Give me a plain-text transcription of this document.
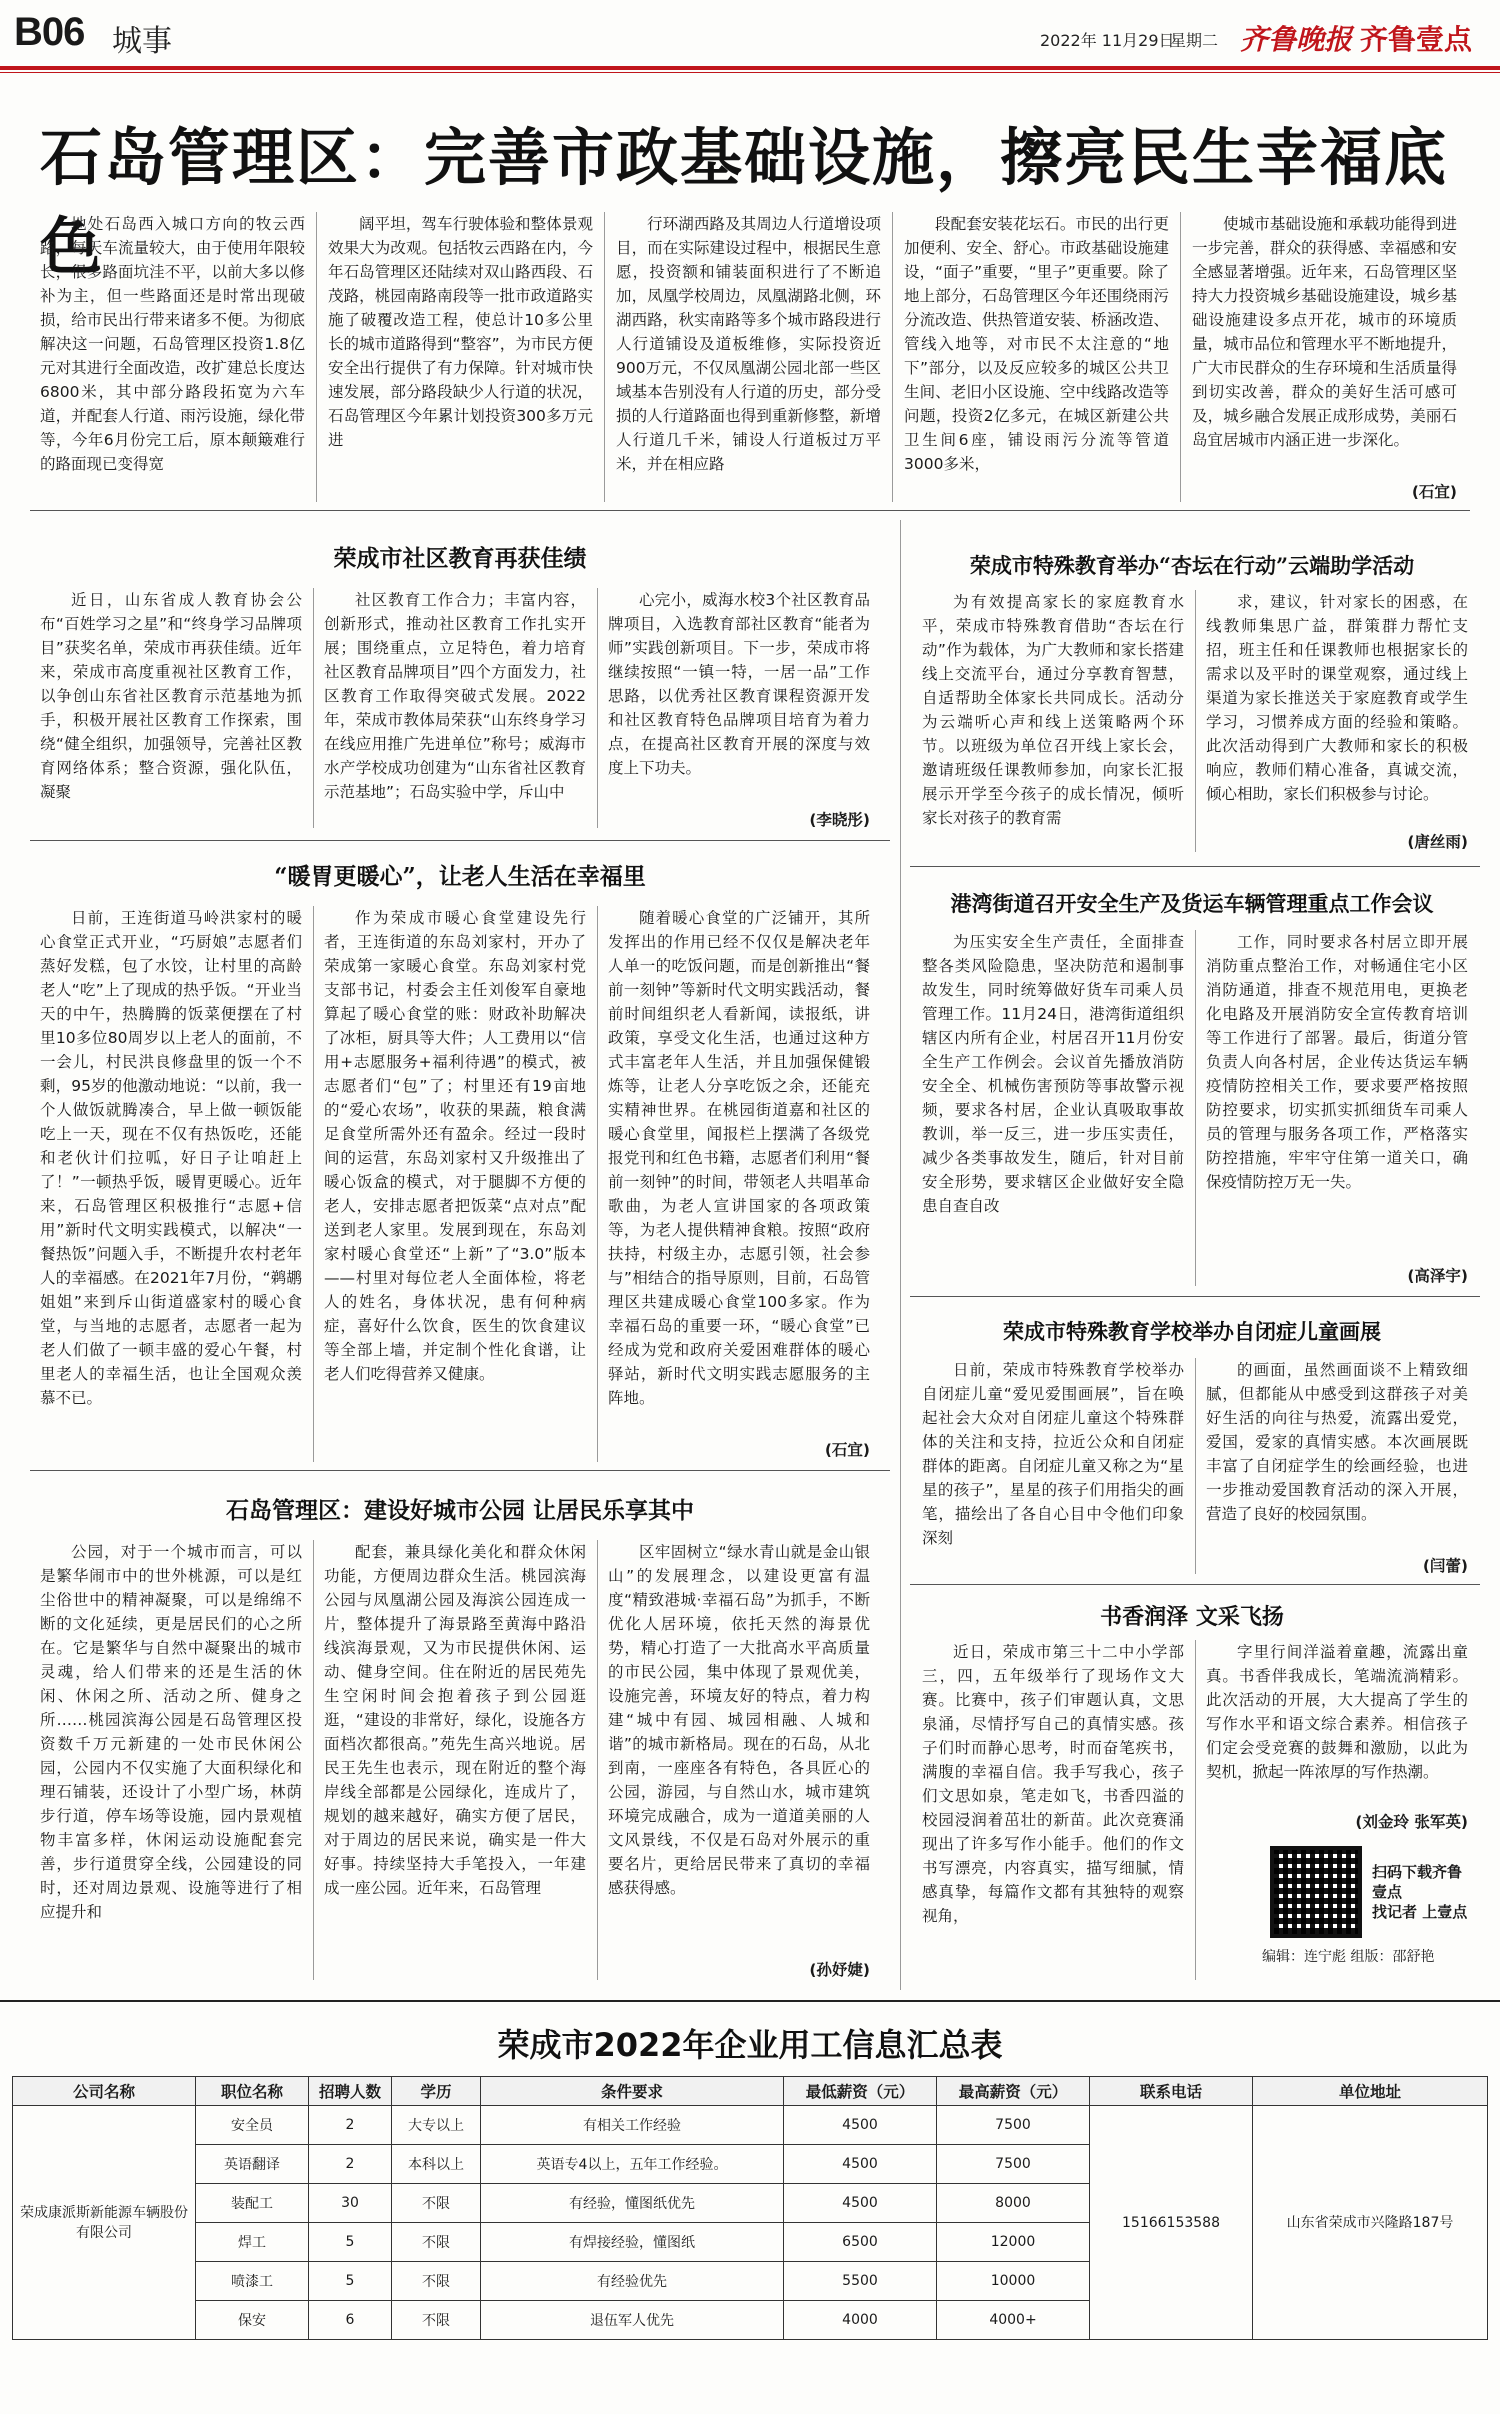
B06 城事	2022年 11月29日
星期二 齐鲁晚报 齐鲁壹点
石岛管理区：完善市政基础设施，擦亮民生幸福底色

地处石岛西入城口方向的牧云西路，每天车流量较大，由于使用年限较长，很多路面坑洼不平，以前大多以修补为主，但一些路面还是时常出现破损，给市民出行带来诸多不便。为彻底解决这一问题，石岛管理区投资1.8亿元对其进行全面改造，改扩建总长度达6800米，其中部分路段拓宽为六车道，并配套人行道、雨污设施，绿化带等，今年6月份完工后，原本颠簸难行的路面现已变得宽

阔平坦，驾车行驶体验和整体景观效果大为改观。包括牧云西路在内，今年石岛管理区还陆续对双山路西段、石茂路，桃园南路南段等一批市政道路实施了破覆改造工程，使总计10多公里长的城市道路得到“整容”，为市民方便安全出行提供了有力保障。针对城市快速发展，部分路段缺少人行道的状况，石岛管理区今年累计划投资300多万元进

行环湖西路及其周边人行道增设项目，而在实际建设过程中，根据民生意愿，投资额和铺装面积进行了不断追加，凤凰学校周边，凤凰湖路北侧，环湖西路，秋实南路等多个城市路段进行人行道铺设及道板维修，实际投资近900万元，不仅凤凰湖公园北部一些区域基本告别没有人行道的历史，部分受损的人行道路面也得到重新修整，新增人行道几千米，铺设人行道板过万平米，并在相应路

段配套安装花坛石。市民的出行更加便利、安全、舒心。市政基础设施建设，“面子”重要，“里子”更重要。除了地上部分，石岛管理区今年还围绕雨污分流改造、供热管道安装、桥涵改造、管线入地等，对市民不太注意的“地下”部分，以及反应较多的城区公共卫生间、老旧小区设施、空中线路改造等问题，投资2亿多元，在城区新建公共卫生间6座，铺设雨污分流等管道3000多米，

使城市基础设施和承载功能得到进一步完善，群众的获得感、幸福感和安全感显著增强。近年来，石岛管理区坚持大力投资城乡基础设施建设，城乡基础设施建设多点开花，城市的环境质量，城市品位和管理水平不断地提升，广大市民群众的生存环境和生活质量得到切实改善，群众的美好生活可感可及，城乡融合发展正成形成势，美丽石岛宜居城市内涵正进一步深化。

(石宜)
荣成市社区教育再获佳绩

近日，山东省成人教育协会公布“百姓学习之星”和“终身学习品牌项目”获奖名单，荣成市再获佳绩。近年来，荣成市高度重视社区教育工作，以争创山东省社区教育示范基地为抓手，积极开展社区教育工作探索，围绕“健全组织，加强领导，完善社区教育网络体系；整合资源，强化队伍，凝聚

社区教育工作合力；丰富内容，创新形式，推动社区教育工作扎实开展；围绕重点，立足特色，着力培育社区教育品牌项目”四个方面发力，社区教育工作取得突破式发展。2022年，荣成市教体局荣获“山东终身学习在线应用推广先进单位”称号；威海市水产学校成功创建为“山东省社区教育示范基地”；石岛实验中学，斥山中

心完小，威海水校3个社区教育品牌项目，入选教育部社区教育“能者为师”实践创新项目。下一步，荣成市将继续按照“一镇一特，一居一品”工作思路，以优秀社区教育课程资源开发和社区教育特色品牌项目培育为着力点，在提高社区教育开展的深度与效度上下功夫。

(李晓彤)
“暖胃更暖心”，让老人生活在幸福里

日前，王连街道马岭洪家村的暖心食堂正式开业，“巧厨娘”志愿者们蒸好发糕，包了水饺，让村里的高龄老人“吃”上了现成的热乎饭。“开业当天的中午，热腾腾的饭菜便摆在了村里10多位80周岁以上老人的面前，不一会儿，村民洪良修盘里的饭一个不剩，95岁的他激动地说：“以前，我一个人做饭就腾凑合，早上做一顿饭能吃上一天，现在不仅有热饭吃，还能和老伙计们拉呱，好日子让咱赶上了！”一顿热乎饭，暖胃更暖心。近年来，石岛管理区积极推行“志愿+信用”新时代文明实践模式，以解决“一餐热饭”问题入手，不断提升农村老年人的幸福感。在2021年7月份，“鹈鹕姐姐”来到斥山街道盛家村的暖心食堂，与当地的志愿者，志愿者一起为老人们做了一顿丰盛的爱心午餐，村里老人的幸福生活，也让全国观众羡慕不已。

作为荣成市暖心食堂建设先行者，王连街道的东岛刘家村，开办了荣成第一家暖心食堂。东岛刘家村党支部书记，村委会主任刘俊军自豪地算起了暖心食堂的账：财政补助解决了冰柜，厨具等大件；人工费用以“信用+志愿服务+福利待遇”的模式，被志愿者们“包”了；村里还有19亩地的“爱心农场”，收获的果蔬，粮食满足食堂所需外还有盈余。经过一段时间的运营，东岛刘家村又升级推出了暖心饭盒的模式，对于腿脚不方便的老人，安排志愿者把饭菜“点对点”配送到老人家里。发展到现在，东岛刘家村暖心食堂还“上新”了“3.0”版本——村里对每位老人全面体检，将老人的姓名，身体状况，患有何种病症，喜好什么饮食，医生的饮食建议等全部上墙，并定制个性化食谱，让老人们吃得营养又健康。

随着暖心食堂的广泛铺开，其所发挥出的作用已经不仅仅是解决老年人单一的吃饭问题，而是创新推出“餐前一刻钟”等新时代文明实践活动，餐前时间组织老人看新闻，读报纸，讲政策，享受文化生活，也通过这种方式丰富老年人生活，并且加强保健锻炼等，让老人分享吃饭之余，还能充实精神世界。在桃园街道嘉和社区的暖心食堂里，闻报栏上摆满了各级党报党刊和红色书籍，志愿者们利用“餐前一刻钟”的时间，带领老人共唱革命歌曲，为老人宣讲国家的各项政策等，为老人提供精神食粮。按照“政府扶持，村级主办，志愿引领，社会参与”相结合的指导原则，目前，石岛管理区共建成暖心食堂100多家。作为幸福石岛的重要一环，“暖心食堂”已经成为党和政府关爱困难群体的暖心驿站，新时代文明实践志愿服务的主阵地。

(石宜)
石岛管理区：建设好城市公园 让居民乐享其中

公园，对于一个城市而言，可以是繁华闹市中的世外桃源，可以是红尘俗世中的精神凝聚，可以是绵绵不断的文化延续，更是居民们的心之所在。它是繁华与自然中凝聚出的城市灵魂，给人们带来的还是生活的休闲、休闲之所、活动之所、健身之所……桃园滨海公园是石岛管理区投资数千万元新建的一处市民休闲公园，公园内不仅实施了大面积绿化和理石铺装，还设计了小型广场，林荫步行道，停车场等设施，园内景观植物丰富多样，休闲运动设施配套完善，步行道贯穿全线，公园建设的同时，还对周边景观、设施等进行了相应提升和

配套，兼具绿化美化和群众休闲功能，方便周边群众生活。桃园滨海公园与凤凰湖公园及海滨公园连成一片，整体提升了海景路至黄海中路沿线滨海景观，又为市民提供休闲、运动、健身空间。住在附近的居民苑先生空闲时间会抱着孩子到公园逛逛，“建设的非常好，绿化，设施各方面档次都很高。”苑先生高兴地说。居民王先生也表示，现在附近的整个海岸线全部都是公园绿化，连成片了，规划的越来越好，确实方便了居民，对于周边的居民来说，确实是一件大好事。持续坚持大手笔投入，一年建成一座公园。近年来，石岛管理

区牢固树立“绿水青山就是金山银山”的发展理念，以建设更富有温度“精致港城·幸福石岛”为抓手，不断优化人居环境，依托天然的海景优势，精心打造了一大批高水平高质量的市民公园，集中体现了景观优美，设施完善，环境友好的特点，着力构建“城中有园、城园相融、人城和谐”的城市新格局。现在的石岛，从北到南，一座座各有特色，各具匠心的公园，游园，与自然山水，城市建筑环境完成融合，成为一道道美丽的人文风景线，不仅是石岛对外展示的重要名片，更给居民带来了真切的幸福感获得感。

(孙妤婕)
荣成市特殊教育举办“杏坛在行动”云端助学活动

为有效提高家长的家庭教育水平，荣成市特殊教育借助“杏坛在行动”作为载体，为广大教师和家长搭建线上交流平台，通过分享教育智慧，自适帮助全体家长共同成长。活动分为云端听心声和线上送策略两个环节。以班级为单位召开线上家长会，邀请班级任课教师参加，向家长汇报展示开学至今孩子的成长情况，倾听家长对孩子的教育需

求，建议，针对家长的困惑，在线教师集思广益，群策群力帮忙支招，班主任和任课教师也根据家长的需求以及平时的课堂观察，通过线上渠道为家长推送关于家庭教育或学生学习，习惯养成方面的经验和策略。此次活动得到广大教师和家长的积极响应，教师们精心准备，真诚交流，倾心相助，家长们积极参与讨论。

(唐丝雨)
港湾街道召开安全生产及货运车辆管理重点工作会议

为压实安全生产责任，全面排查整各类风险隐患，坚决防范和遏制事故发生，同时统筹做好货车司乘人员管理工作。11月24日，港湾街道组织辖区内所有企业，村居召开11月份安全生产工作例会。会议首先播放消防安全全、机械伤害预防等事故警示视频，要求各村居，企业认真吸取事故教训，举一反三，进一步压实责任，减少各类事故发生，随后，针对目前安全形势，要求辖区企业做好安全隐患自查自改

工作，同时要求各村居立即开展消防重点整治工作，对畅通住宅小区消防通道，排查不规范用电，更换老化电路及开展消防安全宣传教育培训等工作进行了部署。最后，街道分管负责人向各村居，企业传达货运车辆疫情防控相关工作，要求要严格按照防控要求，切实抓实抓细货车司乘人员的管理与服务各项工作，严格落实防控措施，牢牢守住第一道关口，确保疫情防控万无一失。

(高泽宇)
荣成市特殊教育学校举办自闭症儿童画展

日前，荣成市特殊教育学校举办自闭症儿童“爱见爱围画展”，旨在唤起社会大众对自闭症儿童这个特殊群体的关注和支持，拉近公众和自闭症群体的距离。自闭症儿童又称之为“星星的孩子”，星星的孩子们用指尖的画笔，描绘出了各自心目中令他们印象深刻

的画面，虽然画面谈不上精致细腻，但都能从中感受到这群孩子对美好生活的向往与热爱，流露出爱党，爱国，爱家的真情实感。本次画展既丰富了自闭症学生的绘画经验，也进一步推动爱国教育活动的深入开展，营造了良好的校园氛围。

(闫蕾)
书香润泽 文采飞扬

近日，荣成市第三十二中小学部三，四，五年级举行了现场作文大赛。比赛中，孩子们审题认真，文思泉涌，尽情抒写自己的真情实感。孩子们时而静心思考，时而奋笔疾书，满腹的幸福自信。我手写我心，孩子们文思如泉，笔走如飞，书香四溢的校园浸润着茁壮的新苗。此次竞赛涌现出了许多写作小能手。他们的作文书写漂亮，内容真实，描写细腻，情感真挚，每篇作文都有其独特的观察视角，

字里行间洋溢着童趣，流露出童真。书香伴我成长，笔端流淌精彩。此次活动的开展，大大提高了学生的写作水平和语文综合素养。相信孩子们定会受竞赛的鼓舞和激励，以此为契机，掀起一阵浓厚的写作热潮。

(刘金玲 张军英)
扫码下载齐鲁壹点
找记者 上壹点
编辑：连宁彪 组版：邵舒艳
荣成市2022年企业用工信息汇总表
公司名称	职位名称	招聘人数	学历	条件要求	最低薪资（元）	最高薪资（元）	联系电话	单位地址
荣成康派斯新能源车辆股份有限公司	安全员	2	大专以上	有相关工作经验	4500	7500	15166153588	山东省荣成市兴隆路187号
	英语翻译	2	本科以上	英语专4以上，五年工作经验。	4500	7500		
	装配工	30	不限	有经验，懂图纸优先	4500	8000		
	焊工	5	不限	有焊接经验，懂图纸	6500	12000		
	喷漆工	5	不限	有经验优先	5500	10000		
	保安	6	不限	退伍军人优先	4000	4000+		
